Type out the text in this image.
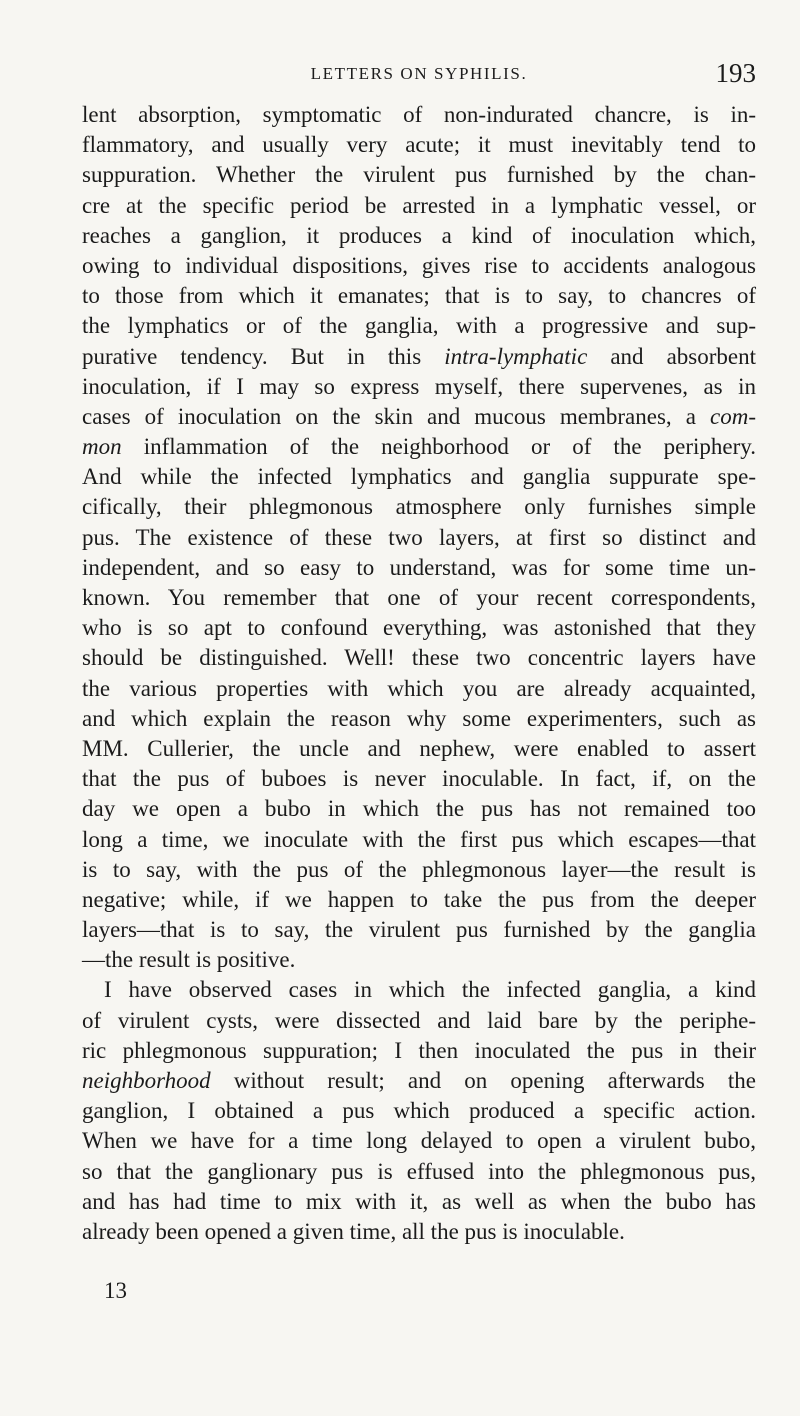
LETTERS ON SYPHILIS.	193
lent absorption, symptomatic of non-indurated chancre, is in-
flammatory, and usually very acute; it must inevitably tend to
suppuration. Whether the virulent pus furnished by the chan-
cre at the specific period be arrested in a lymphatic vessel, or
reaches a ganglion, it produces a kind of inoculation which,
owing to individual dispositions, gives rise to accidents analogous
to those from which it emanates; that is to say, to chancres of
the lymphatics or of the ganglia, with a progressive and sup-
purative tendency. But in this intra-lymphatic and absorbent
inoculation, if I may so express myself, there supervenes, as in
cases of inoculation on the skin and mucous membranes, a com-
mon inflammation of the neighborhood or of the periphery.
And while the infected lymphatics and ganglia suppurate spe-
cifically, their phlegmonous atmosphere only furnishes simple
pus. The existence of these two layers, at first so distinct and
independent, and so easy to understand, was for some time un-
known. You remember that one of your recent correspondents,
who is so apt to confound everything, was astonished that they
should be distinguished. Well! these two concentric layers have
the various properties with which you are already acquainted,
and which explain the reason why some experimenters, such as
MM. Cullerier, the uncle and nephew, were enabled to assert
that the pus of buboes is never inoculable. In fact, if, on the
day we open a bubo in which the pus has not remained too
long a time, we inoculate with the first pus which escapes—that
is to say, with the pus of the phlegmonous layer—the result is
negative; while, if we happen to take the pus from the deeper
layers—that is to say, the virulent pus furnished by the ganglia
—the result is positive.
I have observed cases in which the infected ganglia, a kind
of virulent cysts, were dissected and laid bare by the periphe-
ric phlegmonous suppuration; I then inoculated the pus in their
neighborhood without result; and on opening afterwards the
ganglion, I obtained a pus which produced a specific action.
When we have for a time long delayed to open a virulent bubo,
so that the ganglionary pus is effused into the phlegmonous pus,
and has had time to mix with it, as well as when the bubo has
already been opened a given time, all the pus is inoculable.
13
